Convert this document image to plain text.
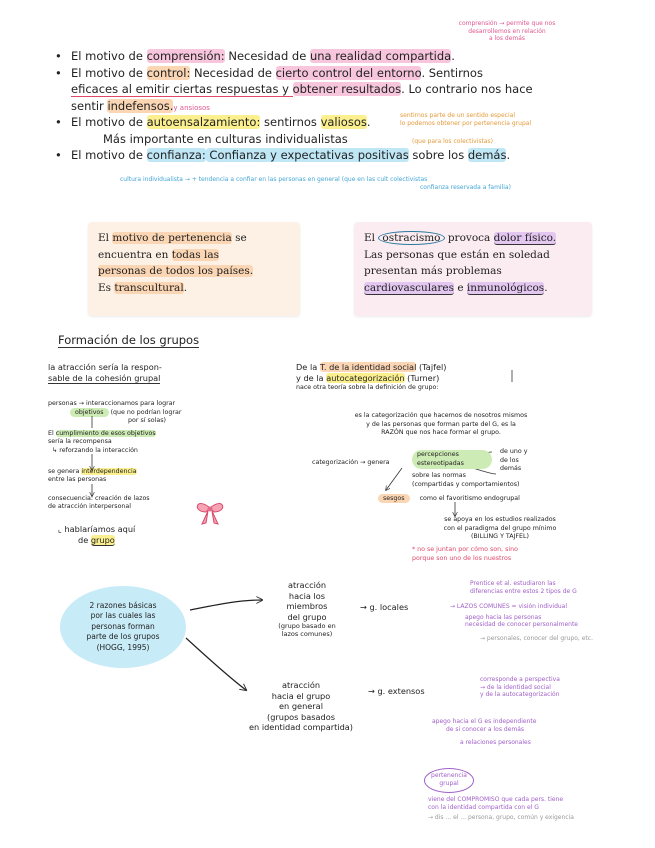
comprensión → permite que nos
desarrollemos en relación
a los demás
• El motivo de comprensión: Necesidad de una realidad compartida.
• El motivo de control: Necesidad de cierto control del entorno. Sentirnos
eficaces al emitir ciertas respuestas y obtener resultados. Lo contrario nos hace
sentir indefensos.y ansiosos
• El motivo de autoensalzamiento: sentirnos valiosos.
Más importante en culturas individualistas
• El motivo de confianza: Confianza y expectativas positivas sobre los demás.
sentirnos parte de un sentido especial
lo podemos obtener por pertenencia grupal
(que para los colectivistas)
cultura individualista → + tendencia a confiar en las personas en general (que en las cult colectivistas
confianza reservada a familia)
El motivo de pertenencia se
encuentra en todas las
personas de todos los países.
Es transcultural.
El ostracismo provoca dolor físico.
Las personas que están en soledad
presentan más problemas
cardiovasculares e inmunológicos.
Formación de los grupos
la atracción sería la respon-
sable de la cohesión grupal
personas → interaccionamos para lograr
objetivos (que no podrían lograr
por sí solas)
El cumplimiento de esos objetivos
sería la recompensa
↳ reforzando la interacción
se genera interdependencia
entre las personas
consecuencia: creación de lazos
de atracción interpersonal
⌞ hablaríamos aquí
de grupo
De la T. de la identidad social (Tajfel)
y de la autocategorización (Turner)
nace otra teoría sobre la definición de grupo:
es la categorización que hacemos de nosotros mismos
y de las personas que forman parte del G, es la
RAZÓN que nos hace formar el grupo.
categorización → genera
percepciones
estereotipadas
de uno y
de los
demás
sobre las normas
(compartidas y comportamientos)
sesgos como el favoritismo endogrupal
se apoya en los estudios realizados
con el paradigma del grupo mínimo
(BILLING Y TAJFEL)
* no se juntan por cómo son, sino
porque son uno de los nuestros
2 razones básicas
por las cuales las
personas forman
parte de los grupos
(HOGG, 1995)
atracción
hacia los
miembros
del grupo
(grupo basado en
lazos comunes)
→ g. locales
atracción
hacia el grupo
en general
(grupos basados
en identidad compartida)
→ g. extensos
Prentice et al. estudiaron las
diferencias entre estos 2 tipos de G
→ LAZOS COMUNES = visión individual
apego hacia las personas
necesidad de conocer personalmente
→ personales, conocer del grupo, etc.
corresponde a perspectiva
→ de la identidad social
y de la autocategorización
apego hacia el G es independiente
de si conocer a los demás
a relaciones personales
pertenencia
grupal
viene del COMPROMISO que cada pers. tiene
con la identidad compartida con el G
→ dis ... el ... persona, grupo, común y exigencia
